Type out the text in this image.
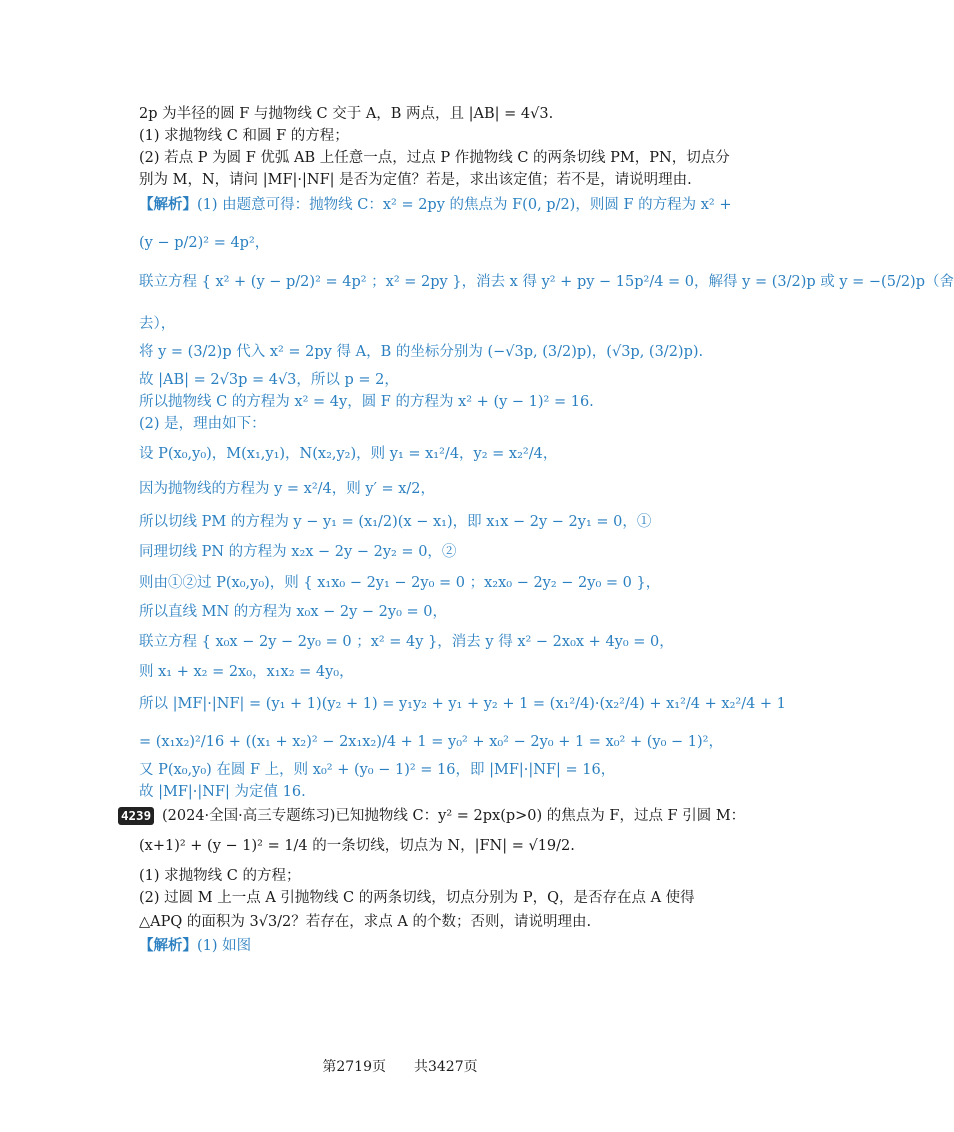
2p 为半径的圆 F 与抛物线 C 交于 A，B 两点，且 |AB| = 4√3.
(1) 求抛物线 C 和圆 F 的方程；
(2) 若点 P 为圆 F 优弧 AB 上任意一点，过点 P 作抛物线 C 的两条切线 PM，PN，切点分
别为 M，N，请问 |MF|·|NF| 是否为定值？若是，求出该定值；若不是，请说明理由.
【解析】(1) 由题意可得：抛物线 C：x² = 2py 的焦点为 F(0, p/2)，则圆 F 的方程为 x² +
(y − p/2)² = 4p²，
联立方程 { x² + (y − p/2)² = 4p² ；x² = 2py }，消去 x 得 y² + py − 15p²/4 = 0，解得 y = (3/2)p 或 y = −(5/2)p（舍
去），
将 y = (3/2)p 代入 x² = 2py 得 A，B 的坐标分别为 (−√3p, (3/2)p)，(√3p, (3/2)p).
故 |AB| = 2√3p = 4√3，所以 p = 2，
所以抛物线 C 的方程为 x² = 4y，圆 F 的方程为 x² + (y − 1)² = 16.
(2) 是，理由如下：
设 P(x₀,y₀)，M(x₁,y₁)，N(x₂,y₂)，则 y₁ = x₁²/4，y₂ = x₂²/4，
因为抛物线的方程为 y = x²/4，则 y′ = x/2，
所以切线 PM 的方程为 y − y₁ = (x₁/2)(x − x₁)，即 x₁x − 2y − 2y₁ = 0，①
同理切线 PN 的方程为 x₂x − 2y − 2y₂ = 0，②
则由①②过 P(x₀,y₀)，则 { x₁x₀ − 2y₁ − 2y₀ = 0 ；x₂x₀ − 2y₂ − 2y₀ = 0 }，
所以直线 MN 的方程为 x₀x − 2y − 2y₀ = 0，
联立方程 { x₀x − 2y − 2y₀ = 0 ；x² = 4y }，消去 y 得 x² − 2x₀x + 4y₀ = 0，
则 x₁ + x₂ = 2x₀，x₁x₂ = 4y₀，
所以 |MF|·|NF| = (y₁ + 1)(y₂ + 1) = y₁y₂ + y₁ + y₂ + 1 = (x₁²/4)·(x₂²/4) + x₁²/4 + x₂²/4 + 1
= (x₁x₂)²/16 + ((x₁ + x₂)² − 2x₁x₂)/4 + 1 = y₀² + x₀² − 2y₀ + 1 = x₀² + (y₀ − 1)²，
又 P(x₀,y₀) 在圆 F 上，则 x₀² + (y₀ − 1)² = 16，即 |MF|·|NF| = 16，
故 |MF|·|NF| 为定值 16.
4239 (2024·全国·高三专题练习)已知抛物线 C：y² = 2px(p>0) 的焦点为 F，过点 F 引圆 M：
(x+1)² + (y − 1)² = 1/4 的一条切线，切点为 N，|FN| = √19/2.
(1) 求抛物线 C 的方程；
(2) 过圆 M 上一点 A 引抛物线 C 的两条切线，切点分别为 P，Q，是否存在点 A 使得
△APQ 的面积为 3√3/2？若存在，求点 A 的个数；否则，请说明理由.
【解析】(1) 如图
第2719页　　共3427页
